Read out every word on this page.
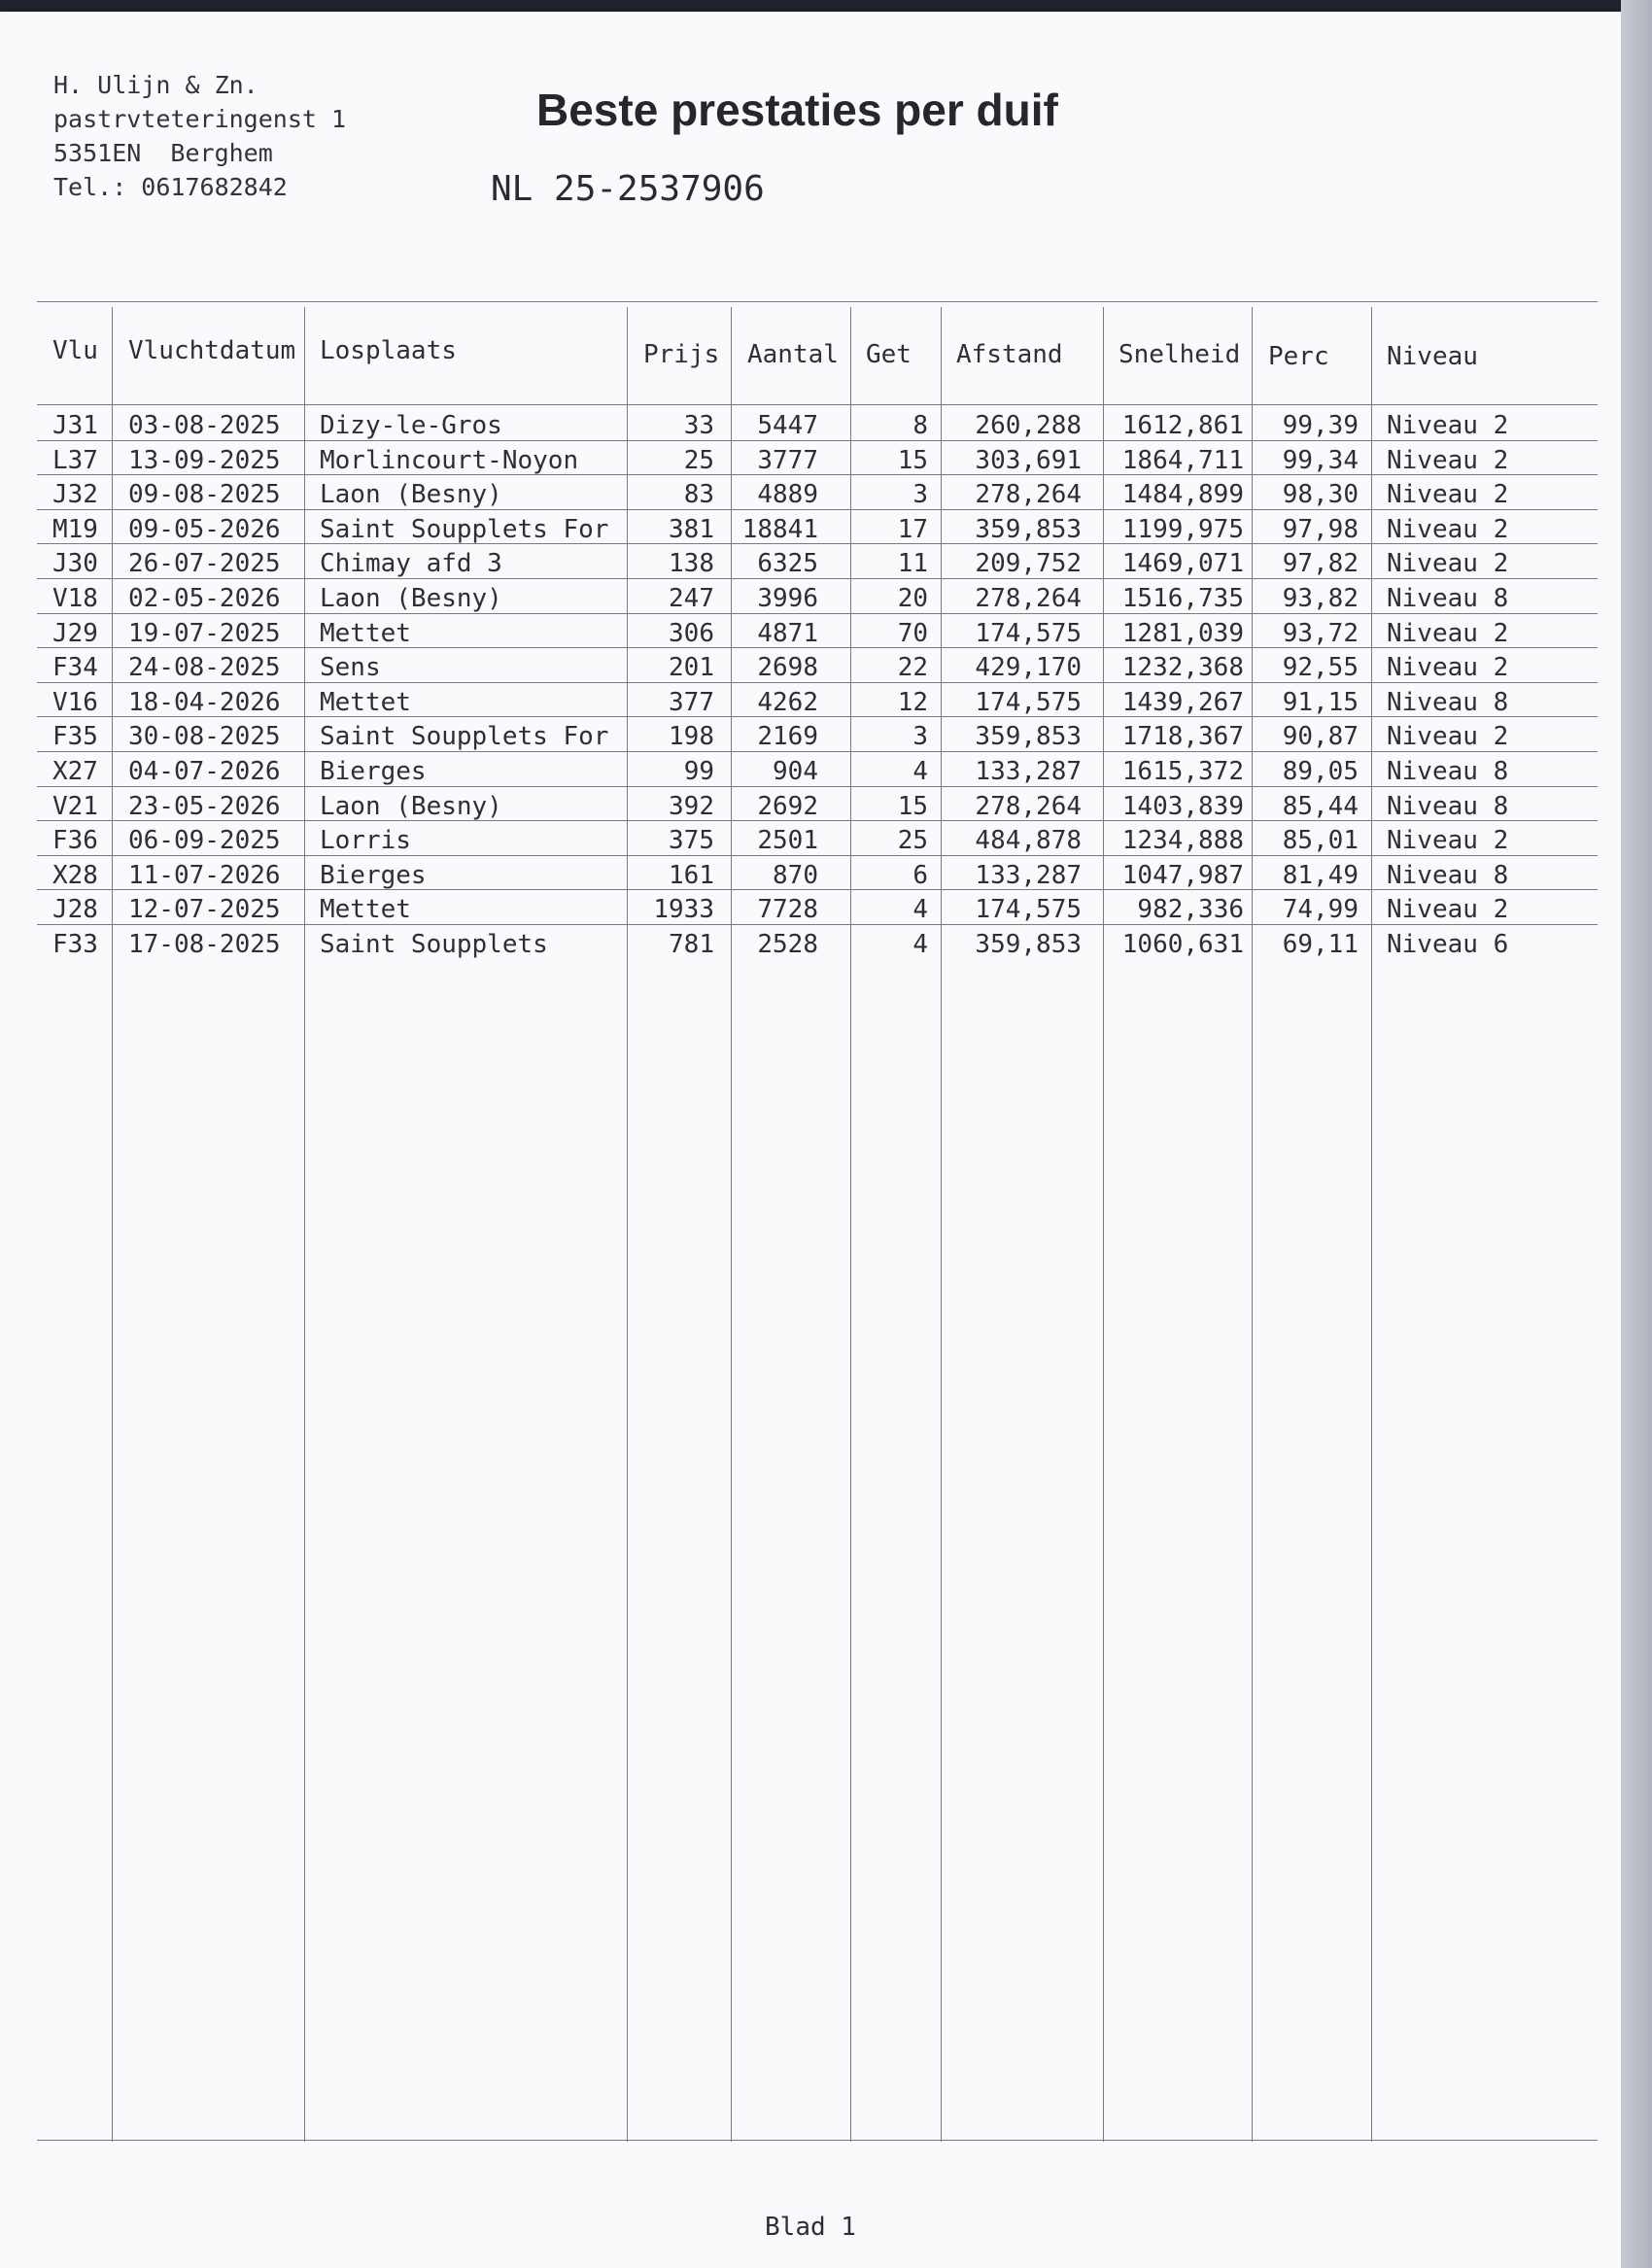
H. Ulijn & Zn.
pastrvteteringenst 1
5351EN  Berghem
Tel.: 0617682842
Beste prestaties per duif
NL 25-2537906
Vlu Vluchtdatum Losplaats	Prijs Aantal Get Afstand Snelheid Perc Niveau
J31 03-08-2025 Dizy-le-Gros	33	5447	8	260,288	1612,861	99,39 Niveau 2
L37 13-09-2025 Morlincourt-Noyon	25	3777	15	303,691	1864,711	99,34 Niveau 2
J32 09-08-2025 Laon (Besny)	83	4889	3	278,264	1484,899	98,30 Niveau 2
M19 09-05-2026 Saint Soupplets For	381	18841	17	359,853	1199,975	97,98 Niveau 2
J30 26-07-2025 Chimay afd 3	138	6325	11	209,752	1469,071	97,82 Niveau 2
V18 02-05-2026 Laon (Besny)	247	3996	20	278,264	1516,735	93,82 Niveau 8
J29 19-07-2025 Mettet	306	4871	70	174,575	1281,039	93,72 Niveau 2
F34 24-08-2025 Sens	201	2698	22	429,170	1232,368	92,55 Niveau 2
V16 18-04-2026 Mettet	377	4262	12	174,575	1439,267	91,15 Niveau 8
F35 30-08-2025 Saint Soupplets For	198	2169	3	359,853	1718,367	90,87 Niveau 2
X27 04-07-2026 Bierges	99	904	4	133,287	1615,372	89,05 Niveau 8
V21 23-05-2026 Laon (Besny)	392	2692	15	278,264	1403,839	85,44 Niveau 8
F36 06-09-2025 Lorris	375	2501	25	484,878	1234,888	85,01 Niveau 2
X28 11-07-2026 Bierges	161	870	6	133,287	1047,987	81,49 Niveau 8
J28 12-07-2025 Mettet	1933	7728	4	174,575	982,336	74,99 Niveau 2
F33 17-08-2025 Saint Soupplets	781	2528	4	359,853	1060,631	69,11 Niveau 6
Blad 1
